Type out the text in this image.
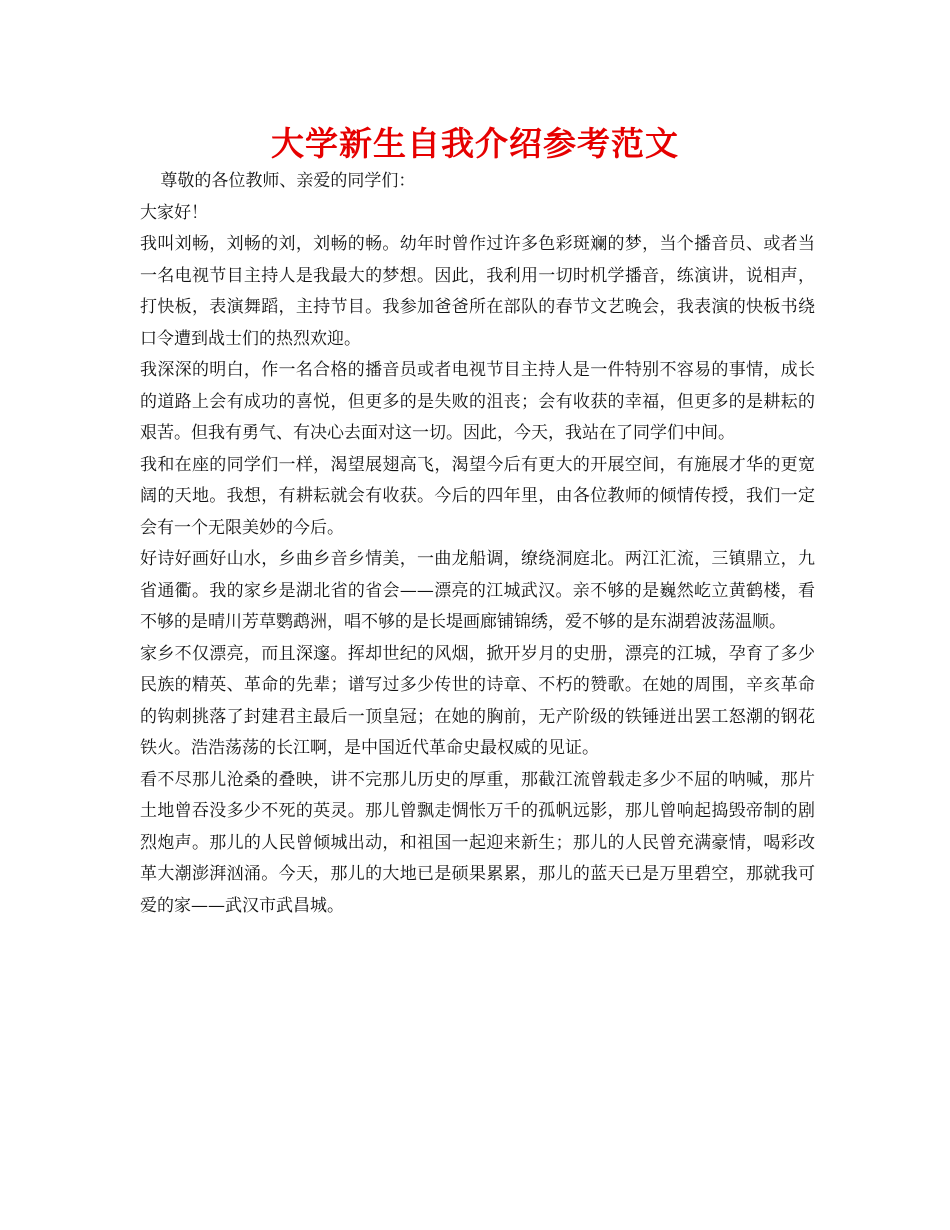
大学新生自我介绍参考范文

尊敬的各位教师、亲爱的同学们：

大家好！

我叫刘畅，刘畅的刘，刘畅的畅。幼年时曾作过许多色彩斑斓的梦，当个播音员、或者当一名电视节目主持人是我最大的梦想。因此，我利用一切时机学播音，练演讲，说相声，打快板，表演舞蹈，主持节目。我参加爸爸所在部队的春节文艺晚会，我表演的快板书绕口令遭到战士们的热烈欢迎。

我深深的明白，作一名合格的播音员或者电视节目主持人是一件特别不容易的事情，成长的道路上会有成功的喜悦，但更多的是失败的沮丧；会有收获的幸福，但更多的是耕耘的艰苦。但我有勇气、有决心去面对这一切。因此，今天，我站在了同学们中间。

我和在座的同学们一样，渴望展翅高飞，渴望今后有更大的开展空间，有施展才华的更宽阔的天地。我想，有耕耘就会有收获。今后的四年里，由各位教师的倾情传授，我们一定会有一个无限美妙的今后。

好诗好画好山水，乡曲乡音乡情美，一曲龙船调，缭绕洞庭北。两江汇流，三镇鼎立，九省通衢。我的家乡是湖北省的省会——漂亮的江城武汉。亲不够的是巍然屹立黄鹤楼，看不够的是晴川芳草鹦鹉洲，唱不够的是长堤画廊铺锦绣，爱不够的是东湖碧波荡温顺。

家乡不仅漂亮，而且深邃。挥却世纪的风烟，掀开岁月的史册，漂亮的江城，孕育了多少民族的精英、革命的先辈；谱写过多少传世的诗章、不朽的赞歌。在她的周围，辛亥革命的钩刺挑落了封建君主最后一顶皇冠；在她的胸前，无产阶级的铁锤迸出罢工怒潮的钢花铁火。浩浩荡荡的长江啊，是中国近代革命史最权威的见证。

看不尽那儿沧桑的叠映，讲不完那儿历史的厚重，那截江流曾载走多少不屈的呐喊，那片土地曾吞没多少不死的英灵。那儿曾飘走惆怅万千的孤帆远影，那儿曾响起捣毁帝制的剧烈炮声。那儿的人民曾倾城出动，和祖国一起迎来新生；那儿的人民曾充满豪情，喝彩改革大潮澎湃汹涌。今天，那儿的大地已是硕果累累，那儿的蓝天已是万里碧空，那就我可爱的家——武汉市武昌城。
